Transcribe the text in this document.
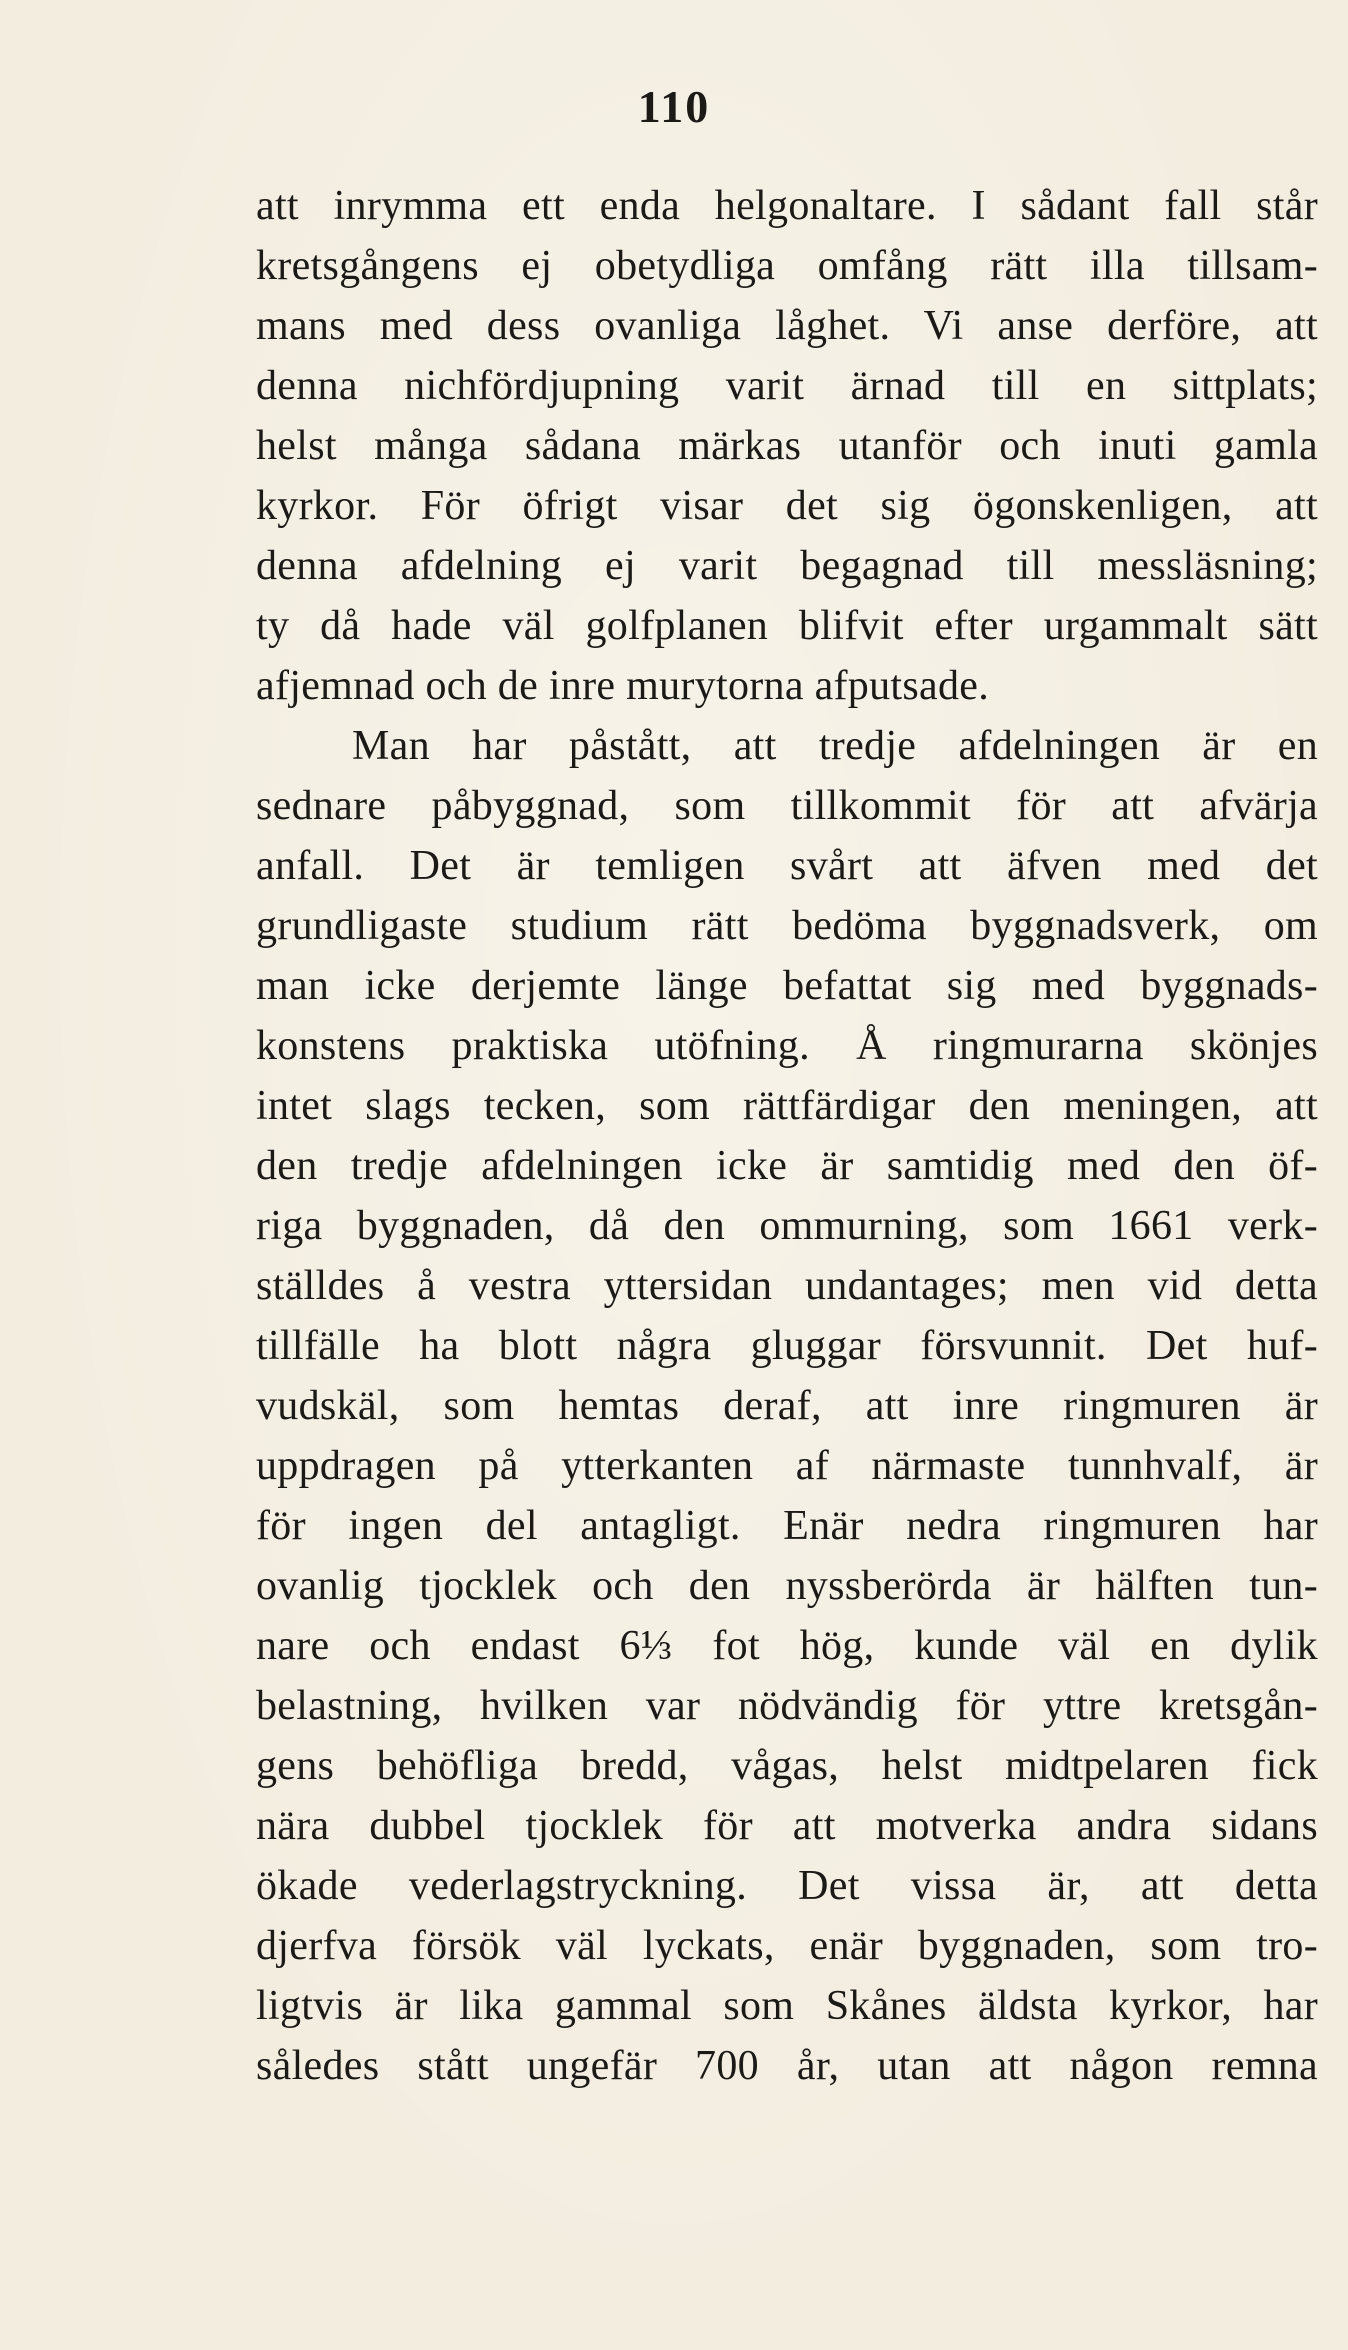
110
att inrymma ett enda helgonaltare. I sådant fall står
kretsgångens ej obetydliga omfång rätt illa tillsam-
mans med dess ovanliga låghet. Vi anse derföre, att
denna nichfördjupning varit ärnad till en sittplats;
helst många sådana märkas utanför och inuti gamla
kyrkor. För öfrigt visar det sig ögonskenligen, att
denna afdelning ej varit begagnad till messläsning;
ty då hade väl golfplanen blifvit efter urgammalt sätt
afjemnad och de inre murytorna afputsade.
Man har påstått, att tredje afdelningen är en
sednare påbyggnad, som tillkommit för att afvärja
anfall. Det är temligen svårt att äfven med det
grundligaste studium rätt bedöma byggnadsverk, om
man icke derjemte länge befattat sig med byggnads-
konstens praktiska utöfning. Å ringmurarna skönjes
intet slags tecken, som rättfärdigar den meningen, att
den tredje afdelningen icke är samtidig med den öf-
riga byggnaden, då den ommurning, som 1661 verk-
ställdes å vestra yttersidan undantages; men vid detta
tillfälle ha blott några gluggar försvunnit. Det huf-
vudskäl, som hemtas deraf, att inre ringmuren är
uppdragen på ytterkanten af närmaste tunnhvalf, är
för ingen del antagligt. Enär nedra ringmuren har
ovanlig tjocklek och den nyssberörda är hälften tun-
nare och endast 6⅓ fot hög, kunde väl en dylik
belastning, hvilken var nödvändig för yttre kretsgån-
gens behöfliga bredd, vågas, helst midtpelaren fick
nära dubbel tjocklek för att motverka andra sidans
ökade vederlagstryckning. Det vissa är, att detta
djerfva försök väl lyckats, enär byggnaden, som tro-
ligtvis är lika gammal som Skånes äldsta kyrkor, har
således stått ungefär 700 år, utan att någon remna
